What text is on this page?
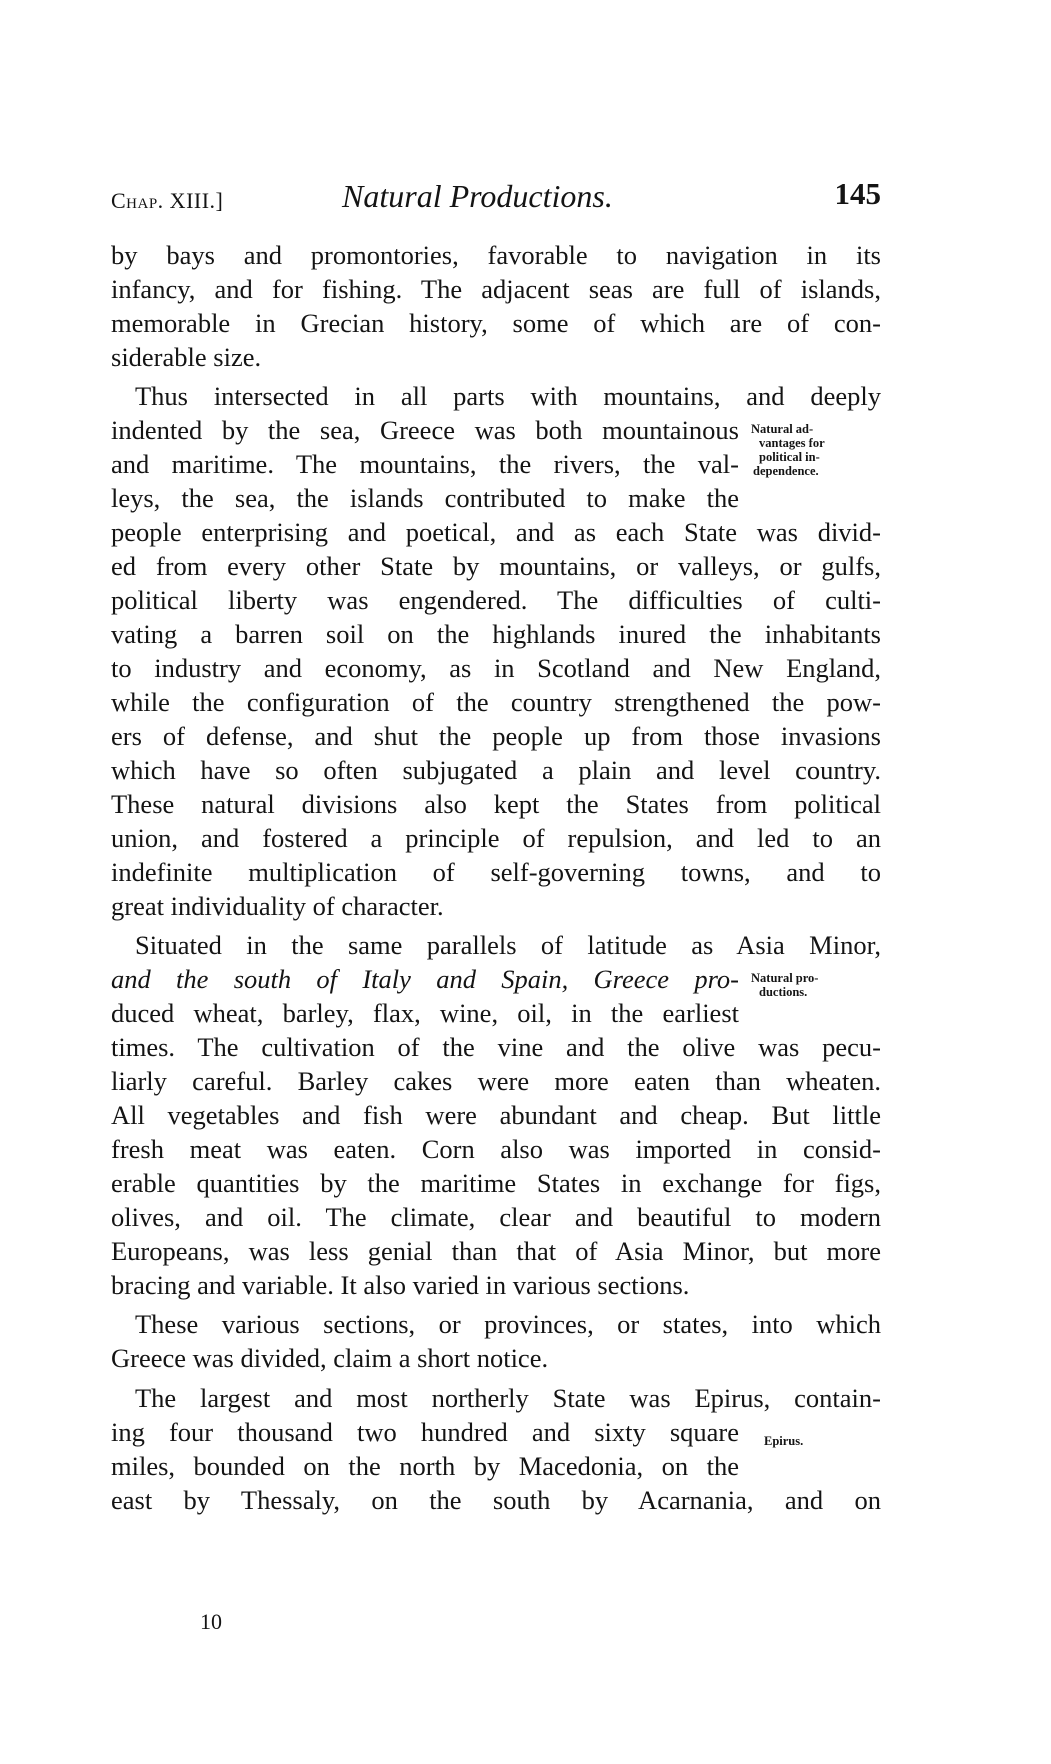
Chap. XIII.]	Natural Productions.	145
by bays and promontories, favorable to navigation in its
infancy, and for fishing. The adjacent seas are full of islands,
memorable in Grecian history, some of which are of con-
siderable size.
Thus intersected in all parts with mountains, and deeply
indented by the sea, Greece was both mountainous
and maritime. The mountains, the rivers, the val-
leys, the sea, the islands contributed to make the
people enterprising and poetical, and as each State was divid-
ed from every other State by mountains, or valleys, or gulfs,
political liberty was engendered. The difficulties of culti-
vating a barren soil on the highlands inured the inhabitants
to industry and economy, as in Scotland and New England,
while the configuration of the country strengthened the pow-
ers of defense, and shut the people up from those invasions
which have so often subjugated a plain and level country.
These natural divisions also kept the States from political
union, and fostered a principle of repulsion, and led to an
indefinite multiplication of self-governing towns, and to
great individuality of character.
Situated in the same parallels of latitude as Asia Minor,
and the south of Italy and Spain, Greece pro-
duced wheat, barley, flax, wine, oil, in the earliest
times. The cultivation of the vine and the olive was pecu-
liarly careful. Barley cakes were more eaten than wheaten.
All vegetables and fish were abundant and cheap. But little
fresh meat was eaten. Corn also was imported in consid-
erable quantities by the maritime States in exchange for figs,
olives, and oil. The climate, clear and beautiful to modern
Europeans, was less genial than that of Asia Minor, but more
bracing and variable. It also varied in various sections.
These various sections, or provinces, or states, into which
Greece was divided, claim a short notice.
The largest and most northerly State was Epirus, contain-
ing four thousand two hundred and sixty square
miles, bounded on the north by Macedonia, on the
east by Thessaly, on the south by Acarnania, and on
Natural ad-
vantages for
political in-
dependence.
Natural pro-
ductions.
Epirus.
10
